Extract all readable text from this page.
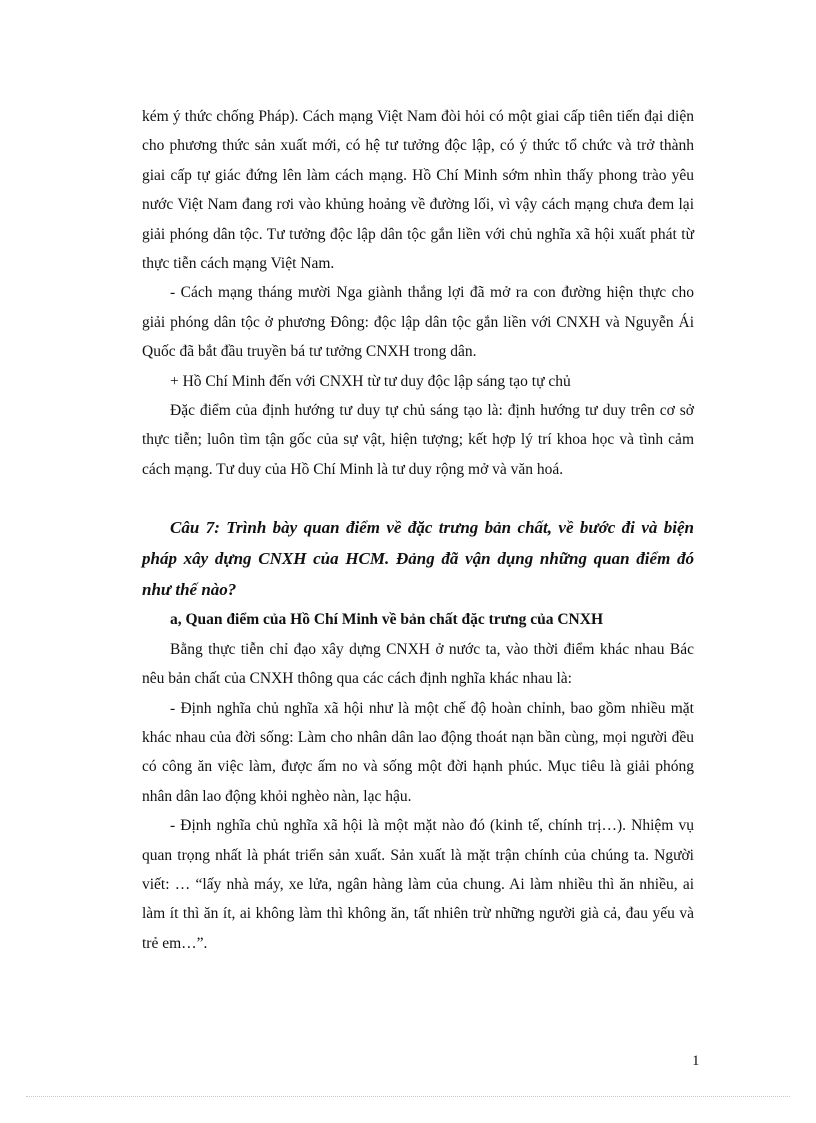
kém ý thức chống Pháp). Cách mạng Việt Nam đòi hỏi có một giai cấp tiên tiến đại diện cho phương thức sản xuất mới, có hệ tư tưởng độc lập, có ý thức tổ chức và trở thành giai cấp tự giác đứng lên làm cách mạng. Hồ Chí Minh sớm nhìn thấy phong trào yêu nước Việt Nam đang rơi vào khủng hoảng về đường lối, vì vậy cách mạng chưa đem lại giải phóng dân tộc. Tư tưởng độc lập dân tộc gắn liền với chủ nghĩa xã hội xuất phát từ thực tiễn cách mạng Việt Nam.

- Cách mạng tháng mười Nga giành thắng lợi đã mở ra con đường hiện thực cho giải phóng dân tộc ở phương Đông: độc lập dân tộc gắn liền với CNXH và Nguyễn Ái Quốc đã bắt đầu truyền bá tư tưởng CNXH trong dân.

+ Hồ Chí Minh đến với CNXH từ tư duy độc lập sáng tạo tự chủ

Đặc điểm của định hướng tư duy tự chủ sáng tạo là: định hướng tư duy trên cơ sở thực tiễn; luôn tìm tận gốc của sự vật, hiện tượng; kết hợp lý trí khoa học và tình cảm cách mạng. Tư duy của Hồ Chí Minh là tư duy rộng mở và văn hoá.

Câu 7: Trình bày quan điểm về đặc trưng bản chất, về bước đi và biện pháp xây dựng CNXH của HCM. Đảng đã vận dụng những quan điểm đó như thế nào?

a, Quan điểm của Hồ Chí Minh về bản chất đặc trưng của CNXH

Bằng thực tiễn chỉ đạo xây dựng CNXH ở nước ta, vào thời điểm khác nhau Bác nêu bản chất của CNXH thông qua các cách định nghĩa khác nhau là:

- Định nghĩa chủ nghĩa xã hội như là một chế độ hoàn chỉnh, bao gồm nhiều mặt khác nhau của đời sống: Làm cho nhân dân lao động thoát nạn bần cùng, mọi người đều có công ăn việc làm, được ấm no và sống một đời hạnh phúc. Mục tiêu là giải phóng nhân dân lao động khỏi nghèo nàn, lạc hậu.

- Định nghĩa chủ nghĩa xã hội là một mặt nào đó (kinh tế, chính trị…). Nhiệm vụ quan trọng nhất là phát triển sản xuất. Sản xuất là mặt trận chính của chúng ta. Người viết: … “lấy nhà máy, xe lửa, ngân hàng làm của chung. Ai làm nhiều thì ăn nhiều, ai làm ít thì ăn ít, ai không làm thì không ăn, tất nhiên trừ những người già cả, đau yếu và trẻ em…”.

1
